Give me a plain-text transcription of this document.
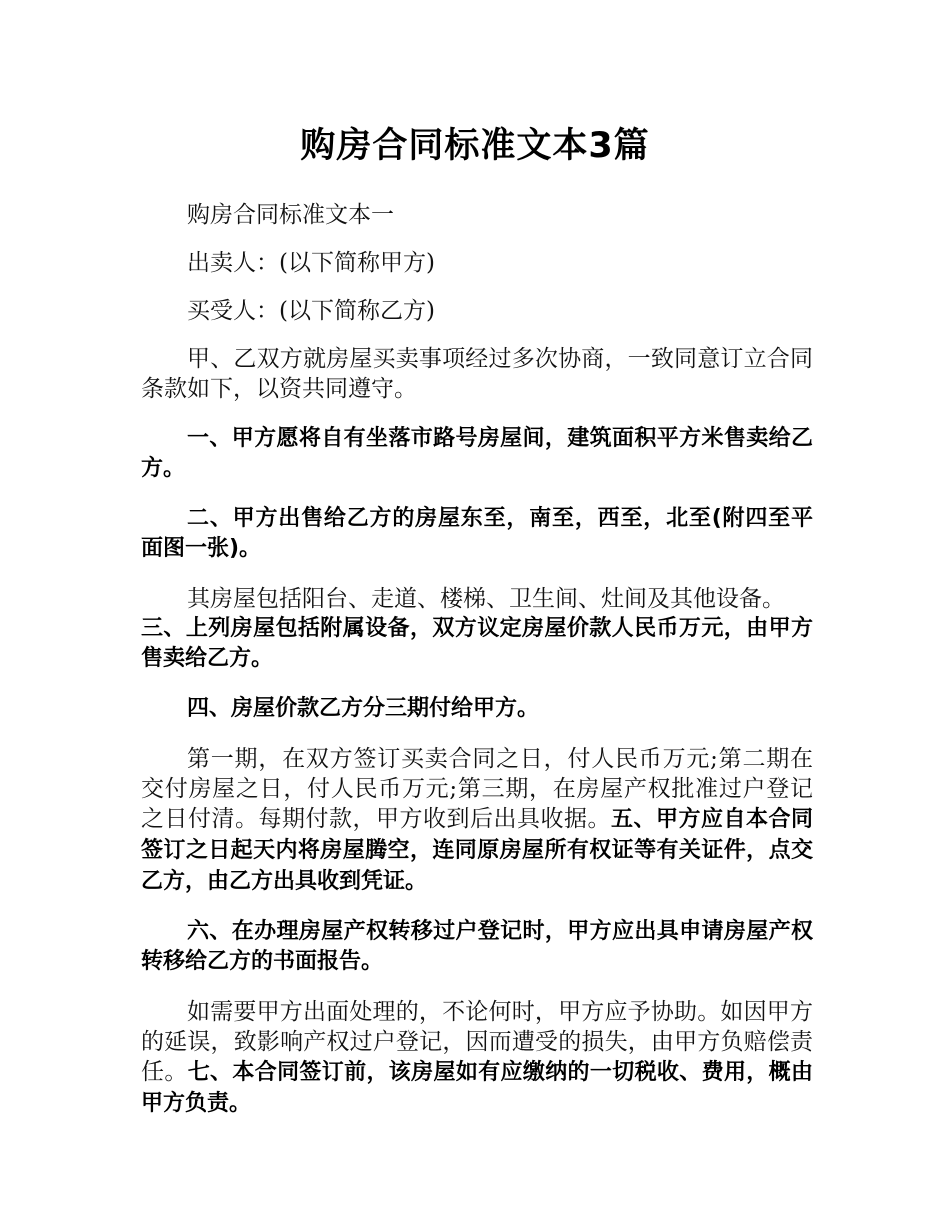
购房合同标准文本3篇

购房合同标准文本一

出卖人：(以下简称甲方)

买受人：(以下简称乙方)

甲、乙双方就房屋买卖事项经过多次协商，一致同意订立合同条款如下，以资共同遵守。

一、甲方愿将自有坐落市路号房屋间，建筑面积平方米售卖给乙方。

二、甲方出售给乙方的房屋东至，南至，西至，北至(附四至平面图一张)。

其房屋包括阳台、走道、楼梯、卫生间、灶间及其他设备。

三、上列房屋包括附属设备，双方议定房屋价款人民币万元，由甲方售卖给乙方。

四、房屋价款乙方分三期付给甲方。

第一期，在双方签订买卖合同之日，付人民币万元;第二期在交付房屋之日，付人民币万元;第三期，在房屋产权批准过户登记之日付清。每期付款，甲方收到后出具收据。五、甲方应自本合同签订之日起天内将房屋腾空，连同原房屋所有权证等有关证件，点交乙方，由乙方出具收到凭证。

六、在办理房屋产权转移过户登记时，甲方应出具申请房屋产权转移给乙方的书面报告。

如需要甲方出面处理的，不论何时，甲方应予协助。如因甲方的延误，致影响产权过户登记，因而遭受的损失，由甲方负赔偿责任。七、本合同签订前，该房屋如有应缴纳的一切税收、费用，概由甲方负责。
